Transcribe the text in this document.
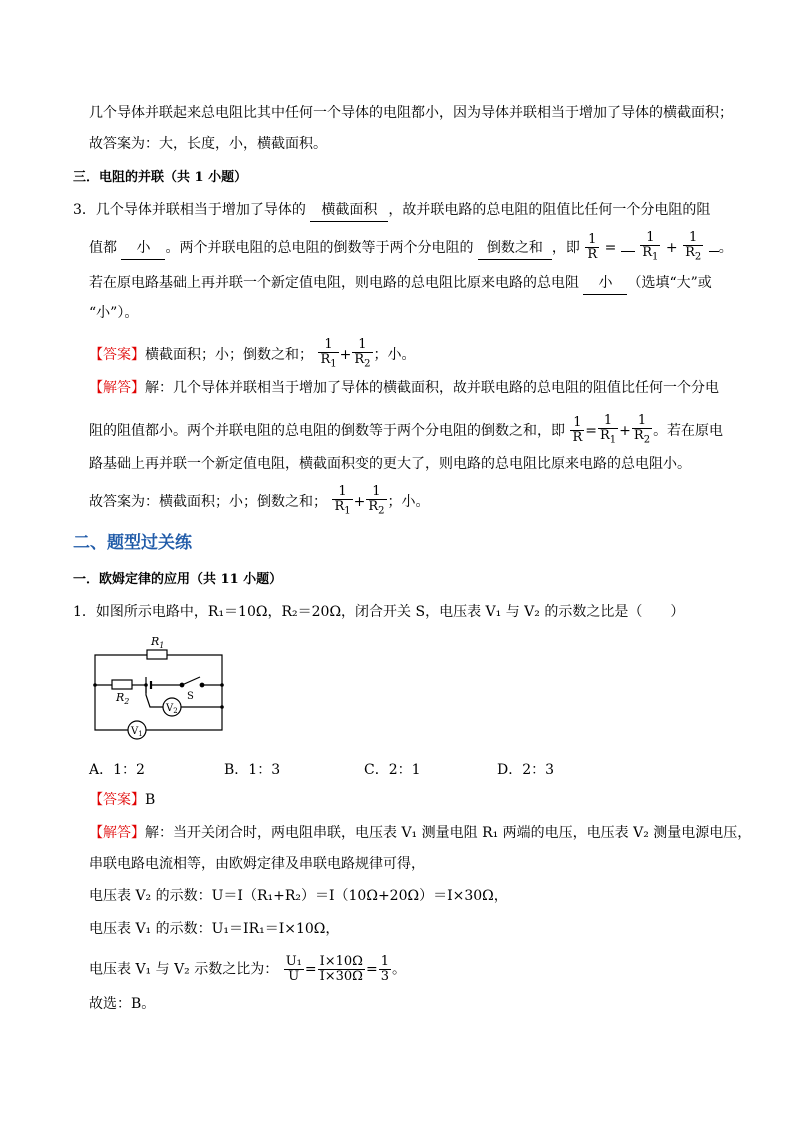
几个导体并联起来总电阻比其中任何一个导体的电阻都小，因为导体并联相当于增加了导体的横截面积；
故答案为：大，长度，小，横截面积。
三．电阻的并联（共 1 小题）
3．几个导体并联相当于增加了导体的 横截面积 ，故并联电路的总电阻的阻值比任何一个分电阻的阻
值都 小 。两个并联电阻的总电阻的倒数等于两个分电阻的 倒数之和 ，即 $\frac{1}{R} = \frac{1}{R_1} + \frac{1}{R_2}$ 。
若在原电路基础上再并联一个新定值电阻，则电路的总电阻比原来电路的总电阻 小 （选填“大”或
“小”）。
【答案】横截面积；小；倒数之和； $\frac{1}{R_1} + \frac{1}{R_2}$ ；小。
【解答】解：几个导体并联相当于增加了导体的横截面积，故并联电路的总电阻的阻值比任何一个分电
阻的阻值都小。两个并联电阻的总电阻的倒数等于两个分电阻的倒数之和，即 $\frac{1}{R} = \frac{1}{R_1} + \frac{1}{R_2}$ 。若在原电
路基础上再并联一个新定值电阻，横截面积变的更大了，则电路的总电阻比原来电路的总电阻小。
故答案为：横截面积；小；倒数之和； $\frac{1}{R_1} + \frac{1}{R_2}$ ；小。
二、题型过关练
一．欧姆定律的应用（共 11 小题）
1．如图所示电路中，R₁＝10Ω，R₂＝20Ω，闭合开关 S，电压表 V₁ 与 V₂ 的示数之比是（　　）
$R_1$
$R_2$	S
$V_2$
$V_1$
A．1：2	B．1：3	C．2：1	D．2：3
【答案】B
【解答】解：当开关闭合时，两电阻串联，电压表 V₁ 测量电阻 R₁ 两端的电压，电压表 V₂ 测量电源电压，
串联电路电流相等，由欧姆定律及串联电路规律可得，
电压表 V₂ 的示数：U＝I（R₁+R₂）＝I（10Ω+20Ω）＝I×30Ω，
电压表 V₁ 的示数：U₁＝IR₁＝I×10Ω，
电压表 V₁ 与 V₂ 示数之比为： $\frac{\text{U₁}}{U} = \frac{I\times 10\Omega}{I\times 30\Omega} = \frac{1}{3}$ 。
故选：B。
